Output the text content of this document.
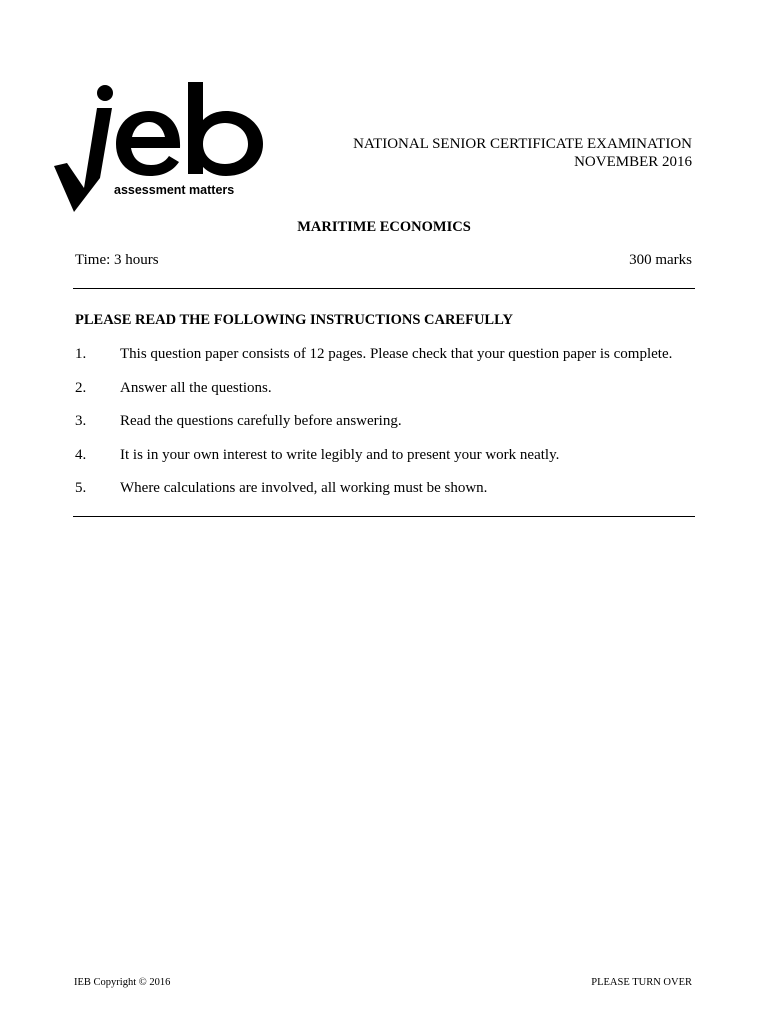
assessment matters
NATIONAL SENIOR CERTIFICATE EXAMINATION
NOVEMBER 2016
MARITIME ECONOMICS
Time: 3 hours	300 marks
PLEASE READ THE FOLLOWING INSTRUCTIONS CAREFULLY
1. This question paper consists of 12 pages. Please check that your question paper is complete.
2. Answer all the questions.
3. Read the questions carefully before answering.
4. It is in your own interest to write legibly and to present your work neatly.
5. Where calculations are involved, all working must be shown.
IEB Copyright © 2016	PLEASE TURN OVER
